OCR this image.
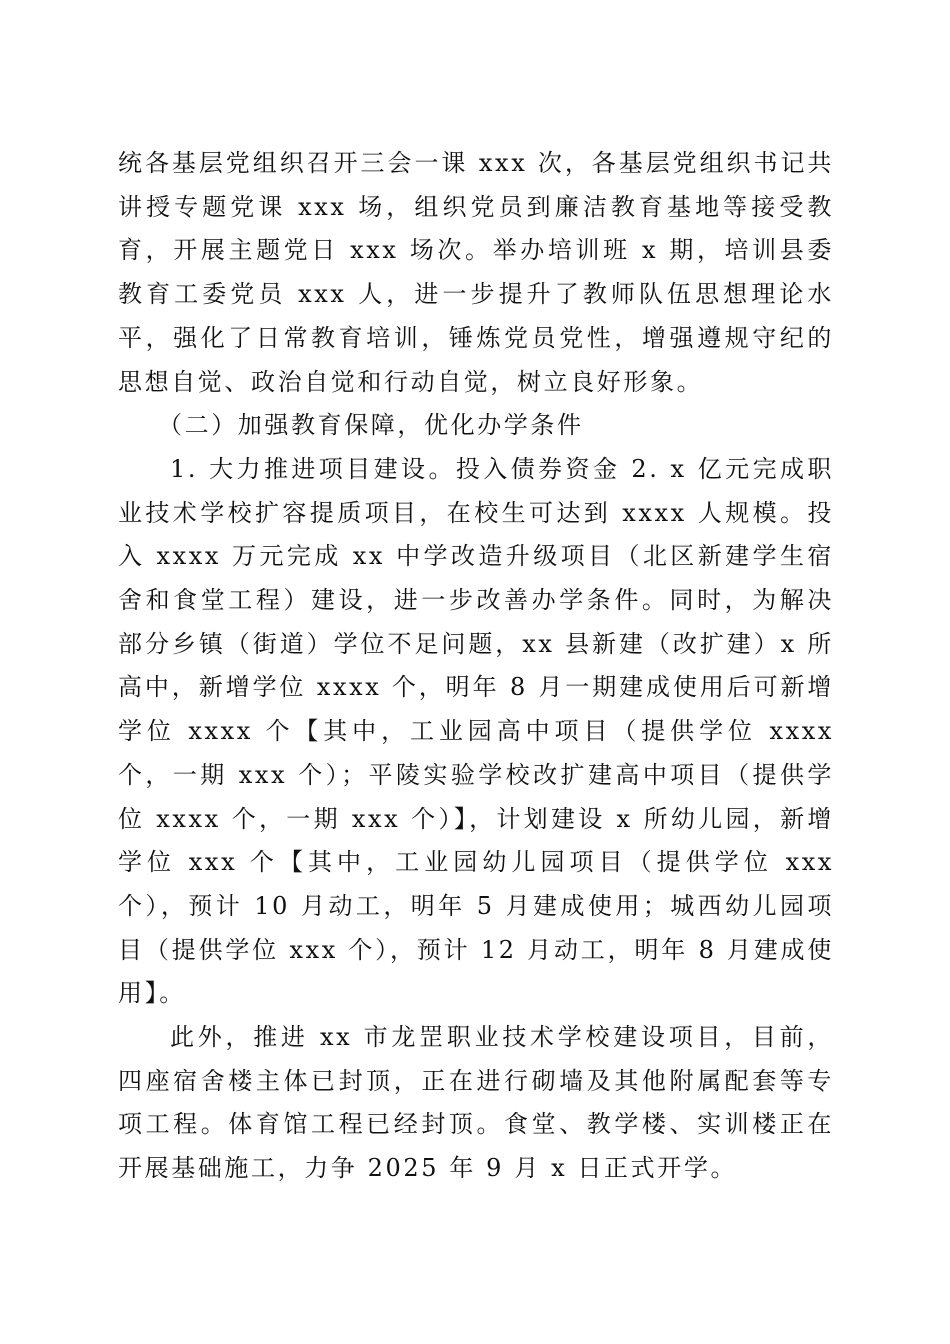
统各基层党组织召开三会一课 xxx 次，各基层党组织书记共讲授专题党课 xxx 场，组织党员到廉洁教育基地等接受教育，开展主题党日 xxx 场次。举办培训班 x 期，培训县委教育工委党员 xxx 人，进一步提升了教师队伍思想理论水平，强化了日常教育培训，锤炼党员党性，增强遵规守纪的思想自觉、政治自觉和行动自觉，树立良好形象。

（二）加强教育保障，优化办学条件

1. 大力推进项目建设。投入债券资金 2. x 亿元完成职业技术学校扩容提质项目，在校生可达到 xxxx 人规模。投入 xxxx 万元完成 xx 中学改造升级项目（北区新建学生宿舍和食堂工程）建设，进一步改善办学条件。同时，为解决部分乡镇（街道）学位不足问题，xx 县新建（改扩建）x 所高中，新增学位 xxxx 个，明年 8 月一期建成使用后可新增学位 xxxx 个【其中，工业园高中项目（提供学位 xxxx 个，一期 xxx 个）；平陵实验学校改扩建高中项目（提供学位 xxxx 个，一期 xxx 个）】，计划建设 x 所幼儿园，新增学位 xxx 个【其中，工业园幼儿园项目（提供学位 xxx 个），预计 10 月动工，明年 5 月建成使用；城西幼儿园项目（提供学位 xxx 个），预计 12 月动工，明年 8 月建成使用】。

此外，推进 xx 市龙罡职业技术学校建设项目，目前，四座宿舍楼主体已封顶，正在进行砌墙及其他附属配套等专项工程。体育馆工程已经封顶。食堂、教学楼、实训楼正在开展基础施工，力争 2025 年 9 月 x 日正式开学。
